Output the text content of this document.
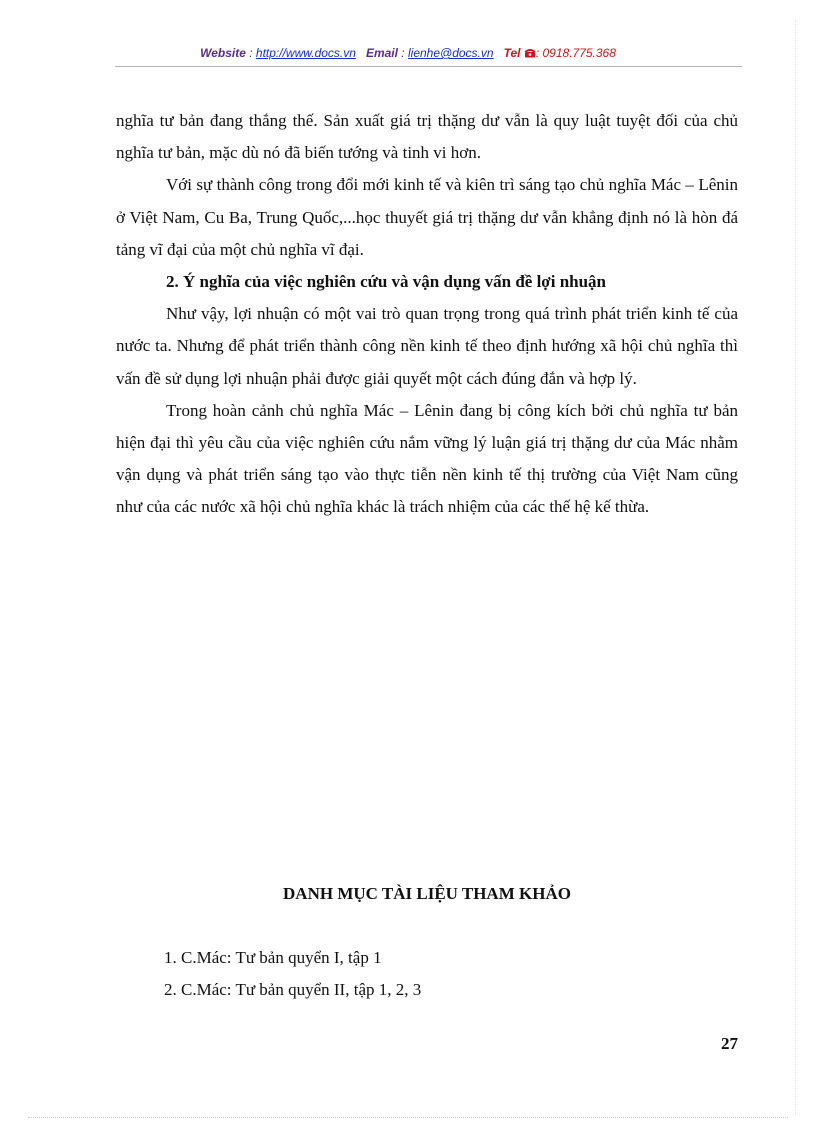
Website : http://www.docs.vn Email : lienhe@docs.vn Tel : 0918.775.368

nghĩa tư bản đang thắng thế. Sản xuất giá trị thặng dư vẫn là quy luật tuyệt đối của chủ nghĩa tư bản, mặc dù nó đã biến tướng và tinh vi hơn.

Với sự thành công trong đổi mới kinh tế và kiên trì sáng tạo chủ nghĩa Mác – Lênin ở Việt Nam, Cu Ba, Trung Quốc,...học thuyết giá trị thặng dư vẫn khẳng định nó là hòn đá tảng vĩ đại của một chủ nghĩa vĩ đại.

2. Ý nghĩa của việc nghiên cứu và vận dụng vấn đề lợi nhuận

Như vậy, lợi nhuận có một vai trò quan trọng trong quá trình phát triển kinh tế của nước ta. Nhưng để phát triển thành công nền kinh tế theo định hướng xã hội chủ nghĩa thì vấn đề sử dụng lợi nhuận phải được giải quyết một cách đúng đắn và hợp lý.

Trong hoàn cảnh chủ nghĩa Mác – Lênin đang bị công kích bởi chủ nghĩa tư bản hiện đại thì yêu cầu của việc nghiên cứu nắm vững lý luận giá trị thặng dư của Mác nhằm vận dụng và phát triển sáng tạo vào thực tiễn nền kinh tế thị trường của Việt Nam cũng như của các nước xã hội chủ nghĩa khác là trách nhiệm của các thế hệ kế thừa.

DANH MỤC TÀI LIỆU THAM KHẢO
1. C.Mác: Tư bản quyển I, tập 1
2. C.Mác: Tư bản quyển II, tập 1, 2, 3
27
